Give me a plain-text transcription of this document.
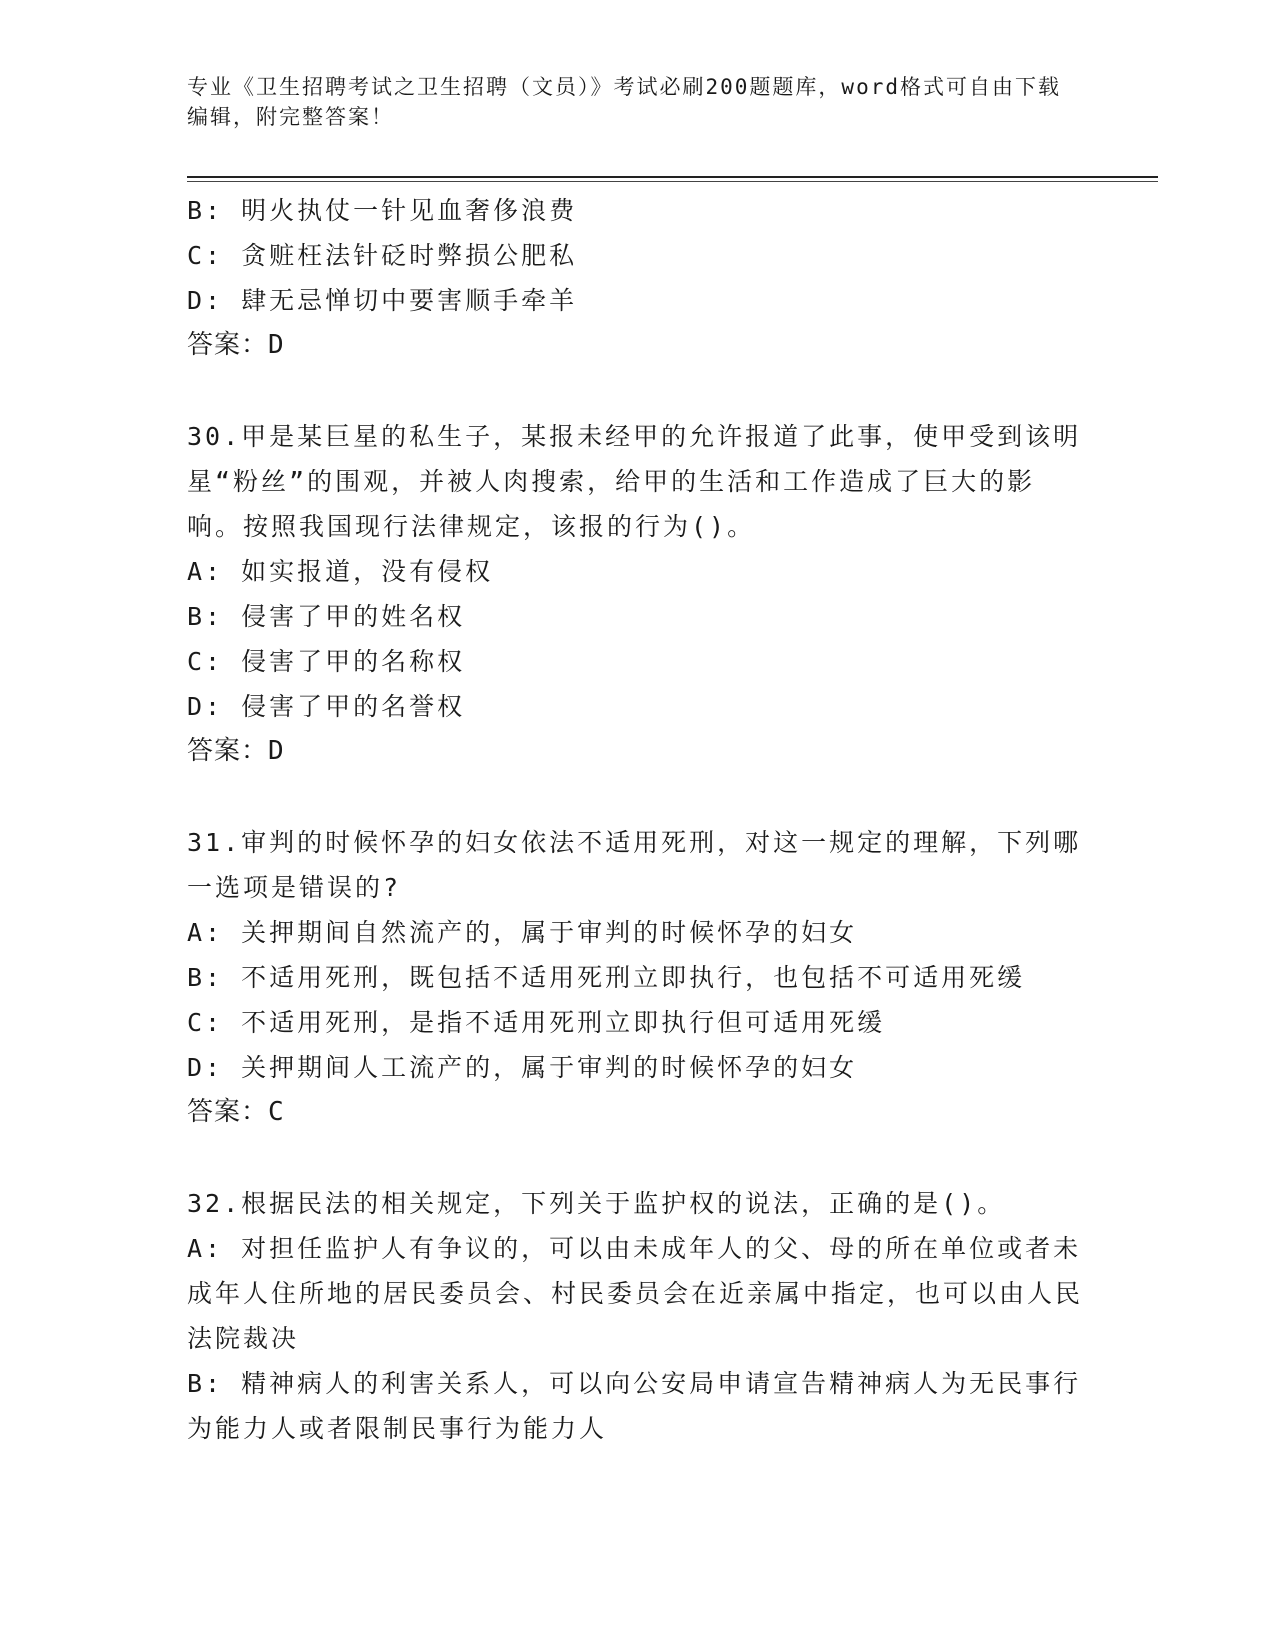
专业《卫生招聘考试之卫生招聘（文员）》考试必刷200题题库，word格式可自由下载编辑，附完整答案！

B: 明火执仗一针见血奢侈浪费

C: 贪赃枉法针砭时弊损公肥私

D: 肆无忌惮切中要害顺手牵羊

答案：D

30.甲是某巨星的私生子，某报未经甲的允许报道了此事，使甲受到该明星“粉丝”的围观，并被人肉搜索，给甲的生活和工作造成了巨大的影响。按照我国现行法律规定，该报的行为()。

A: 如实报道，没有侵权

B: 侵害了甲的姓名权

C: 侵害了甲的名称权

D: 侵害了甲的名誉权

答案：D

31.审判的时候怀孕的妇女依法不适用死刑，对这一规定的理解，下列哪一选项是错误的?

A: 关押期间自然流产的，属于审判的时候怀孕的妇女

B: 不适用死刑，既包括不适用死刑立即执行，也包括不可适用死缓

C: 不适用死刑，是指不适用死刑立即执行但可适用死缓

D: 关押期间人工流产的，属于审判的时候怀孕的妇女

答案：C

32.根据民法的相关规定，下列关于监护权的说法，正确的是()。

A: 对担任监护人有争议的，可以由未成年人的父、母的所在单位或者未成年人住所地的居民委员会、村民委员会在近亲属中指定，也可以由人民法院裁决

B: 精神病人的利害关系人，可以向公安局申请宣告精神病人为无民事行为能力人或者限制民事行为能力人
